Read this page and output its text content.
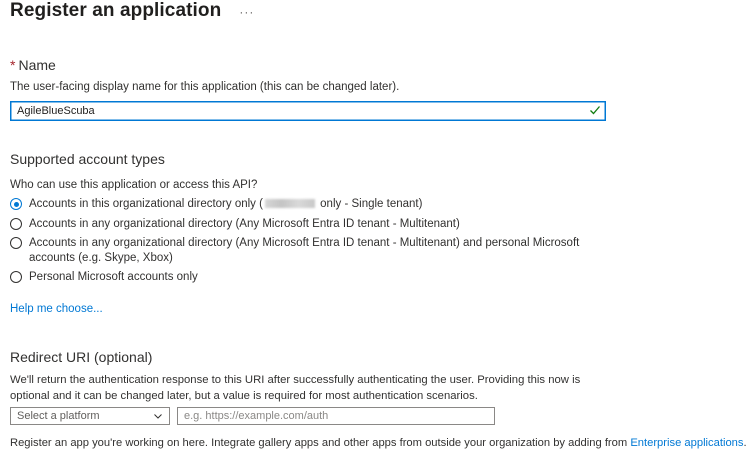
Register an application ···
* Name
The user-facing display name for this application (this can be changed later).
AgileBlueScuba
Supported account types
Who can use this application or access this API?
Accounts in this organizational directory only (	only - Single tenant)
Accounts in any organizational directory (Any Microsoft Entra ID tenant - Multitenant)
Accounts in any organizational directory (Any Microsoft Entra ID tenant - Multitenant) and personal Microsoft
accounts (e.g. Skype, Xbox)
Personal Microsoft accounts only
Help me choose...
Redirect URI (optional)
We'll return the authentication response to this URI after successfully authenticating the user. Providing this now is
optional and it can be changed later, but a value is required for most authentication scenarios.
Select a platform
e.g. https://example.com/auth
Register an app you're working on here. Integrate gallery apps and other apps from outside your organization by adding from Enterprise applications.
